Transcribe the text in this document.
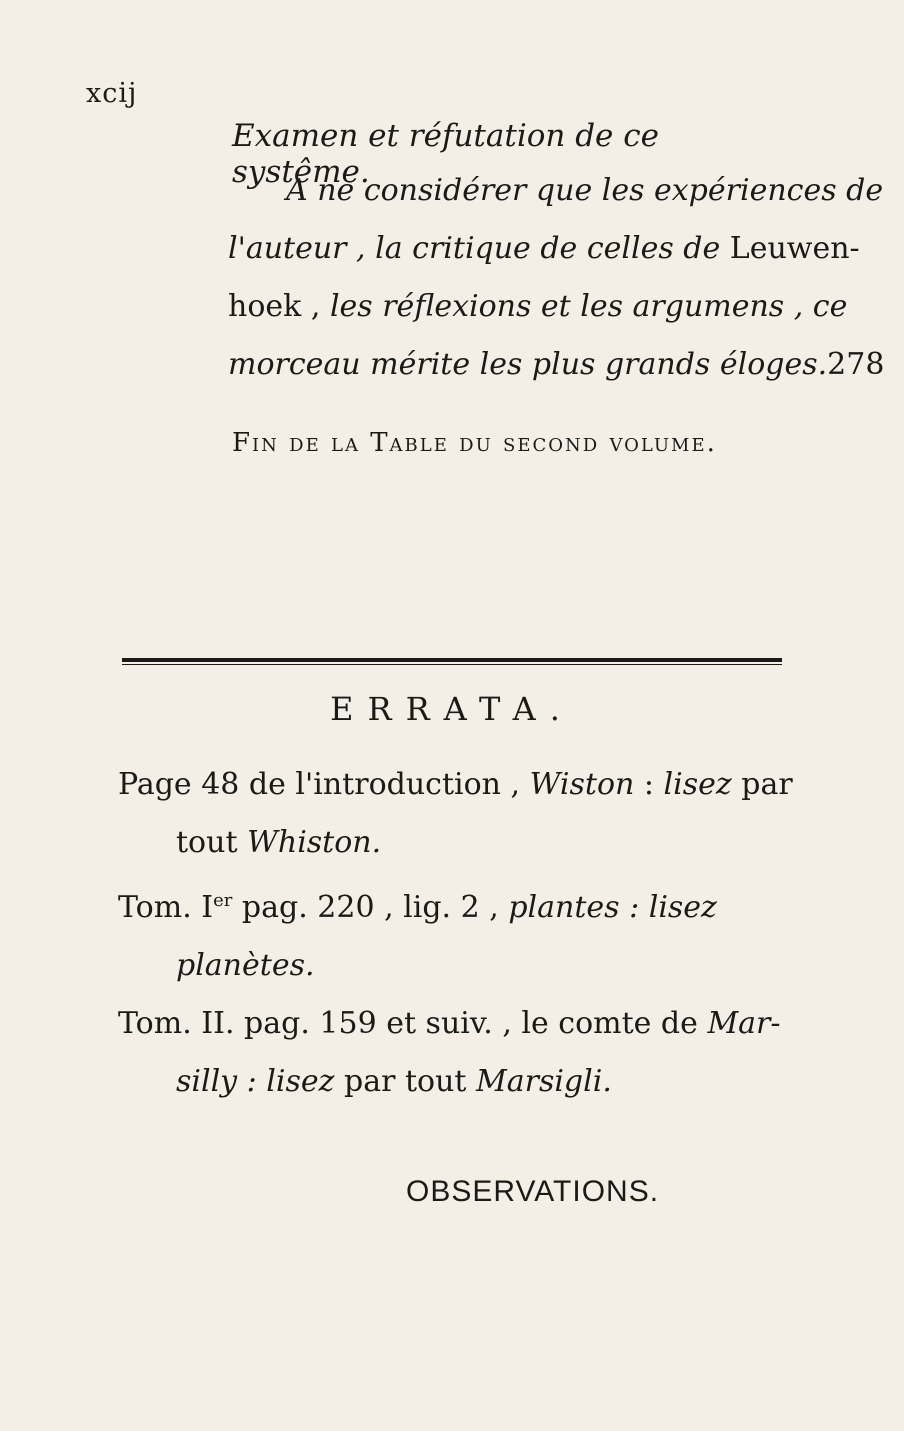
xcij
Examen et réfutation de ce systême.
A ne considérer que les expériences de
l'auteur , la critique de celles de Leuwen-
hoek , les réflexions et les argumens , ce
morceau mérite les plus grands éloges. 278
Fin de la Table du second volume.
ERRATA.
Page 48 de l'introduction , Wiston : lisez par
tout Whiston.
Tom. Ier pag. 220 , lig. 2 , plantes : lisez
planètes.
Tom. II. pag. 159 et suiv. , le comte de Mar-
silly : lisez par tout Marsigli.
OBSERVATIONS.
